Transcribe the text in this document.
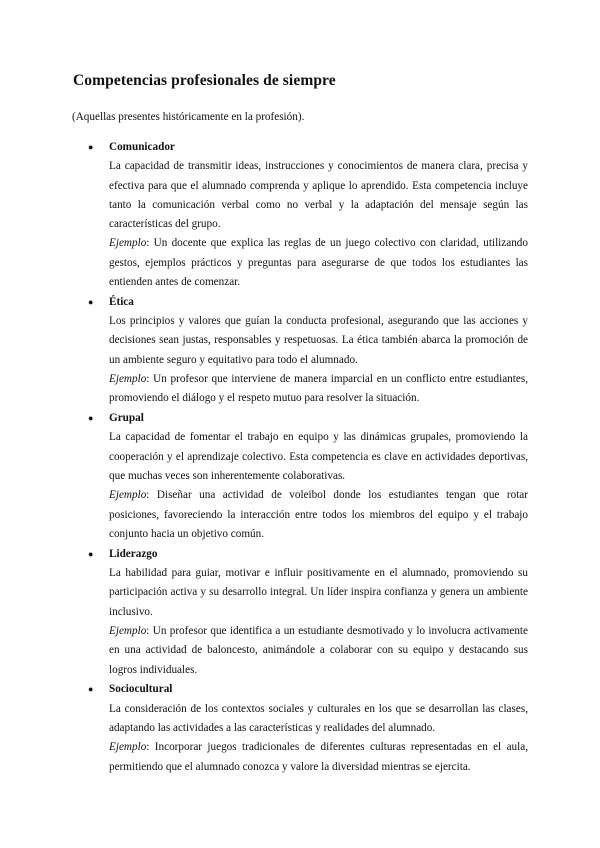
Competencias profesionales de siempre

(Aquellas presentes históricamente en la profesión).

● Comunicador

La capacidad de transmitir ideas, instrucciones y conocimientos de manera clara, precisa y efectiva para que el alumnado comprenda y aplique lo aprendido. Esta competencia incluye tanto la comunicación verbal como no verbal y la adaptación del mensaje según las características del grupo.

Ejemplo: Un docente que explica las reglas de un juego colectivo con claridad, utilizando gestos, ejemplos prácticos y preguntas para asegurarse de que todos los estudiantes las entienden antes de comenzar.

● Ética

Los principios y valores que guían la conducta profesional, asegurando que las acciones y decisiones sean justas, responsables y respetuosas. La ética también abarca la promoción de un ambiente seguro y equitativo para todo el alumnado.

Ejemplo: Un profesor que interviene de manera imparcial en un conflicto entre estudiantes, promoviendo el diálogo y el respeto mutuo para resolver la situación.

● Grupal

La capacidad de fomentar el trabajo en equipo y las dinámicas grupales, promoviendo la cooperación y el aprendizaje colectivo. Esta competencia es clave en actividades deportivas, que muchas veces son inherentemente colaborativas.

Ejemplo: Diseñar una actividad de voleibol donde los estudiantes tengan que rotar posiciones, favoreciendo la interacción entre todos los miembros del equipo y el trabajo conjunto hacia un objetivo común.

● Liderazgo

La habilidad para guiar, motivar e influir positivamente en el alumnado, promoviendo su participación activa y su desarrollo integral. Un líder inspira confianza y genera un ambiente inclusivo.

Ejemplo: Un profesor que identifica a un estudiante desmotivado y lo involucra activamente en una actividad de baloncesto, animándole a colaborar con su equipo y destacando sus logros individuales.

● Sociocultural

La consideración de los contextos sociales y culturales en los que se desarrollan las clases, adaptando las actividades a las características y realidades del alumnado.

Ejemplo: Incorporar juegos tradicionales de diferentes culturas representadas en el aula, permitiendo que el alumnado conozca y valore la diversidad mientras se ejercita.
